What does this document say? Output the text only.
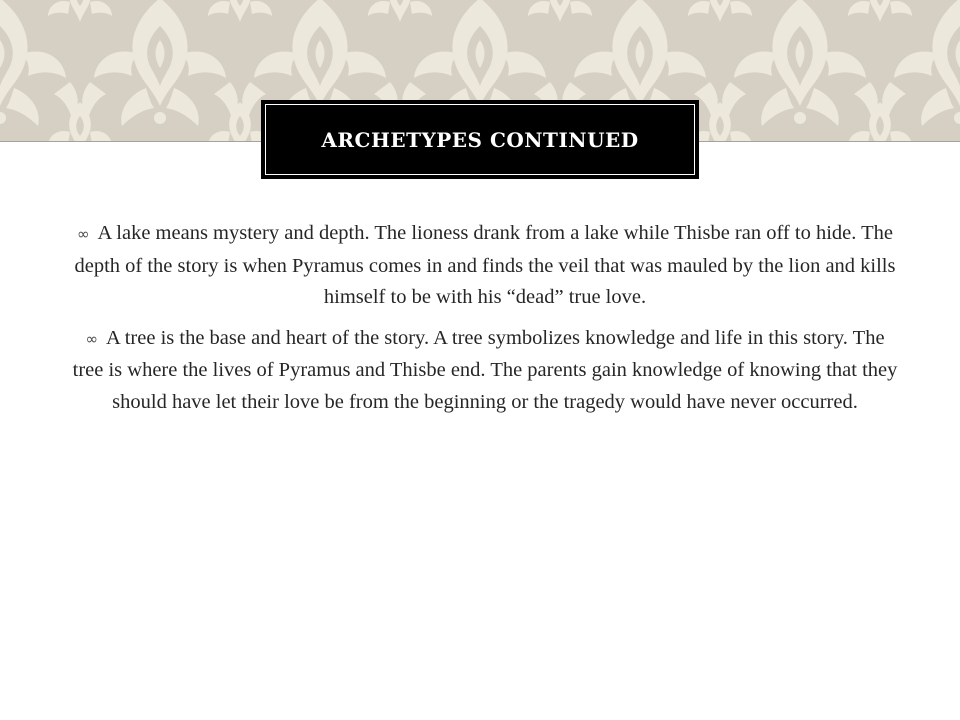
ARCHETYPES CONTINUED

∞ A lake means mystery and depth. The lioness drank from a lake while Thisbe ran off to hide. The depth of the story is when Pyramus comes in and finds the veil that was mauled by the lion and kills himself to be with his “dead” true love.

∞ A tree is the base and heart of the story. A tree symbolizes knowledge and life in this story. The tree is where the lives of Pyramus and Thisbe end. The parents gain knowledge of knowing that they should have let their love be from the beginning or the tragedy would have never occurred.
